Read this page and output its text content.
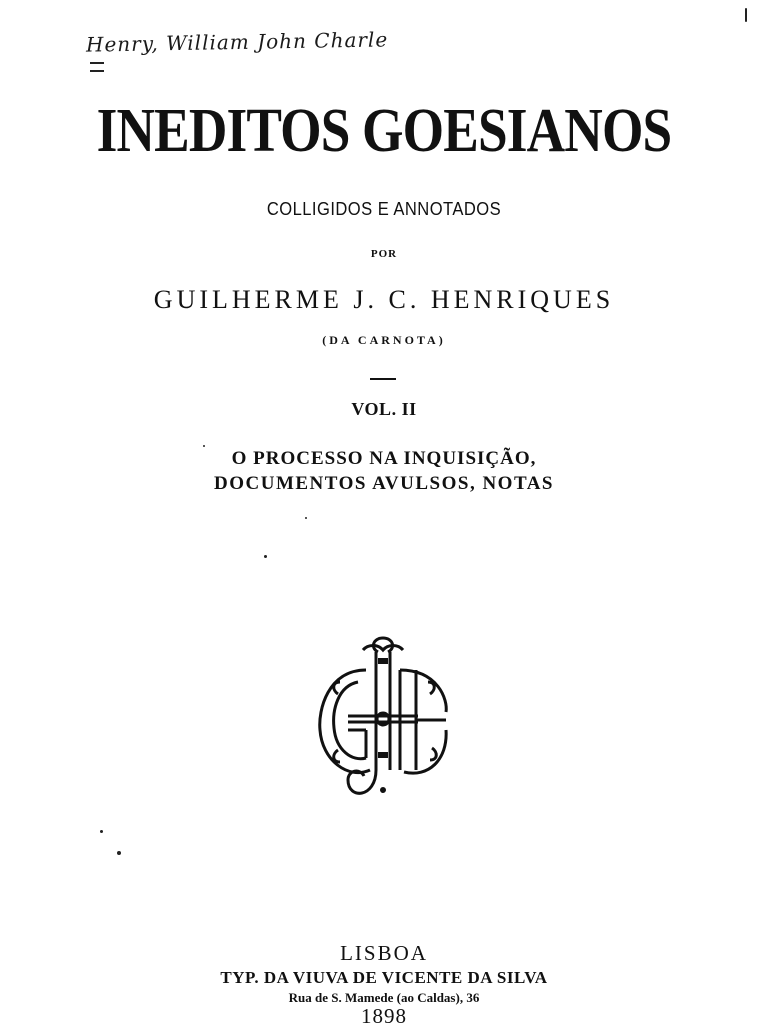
Henry, William John Charle
INEDITOS GOESIANOS
COLLIGIDOS E ANNOTADOS
POR
GUILHERME J. C. HENRIQUES
(DA CARNOTA)
VOL. II
O PROCESSO NA INQUISIÇÃO,
DOCUMENTOS AVULSOS, NOTAS
LISBOA
TYP. DA VIUVA DE VICENTE DA SILVA
Rua de S. Mamede (ao Caldas), 36
1898
